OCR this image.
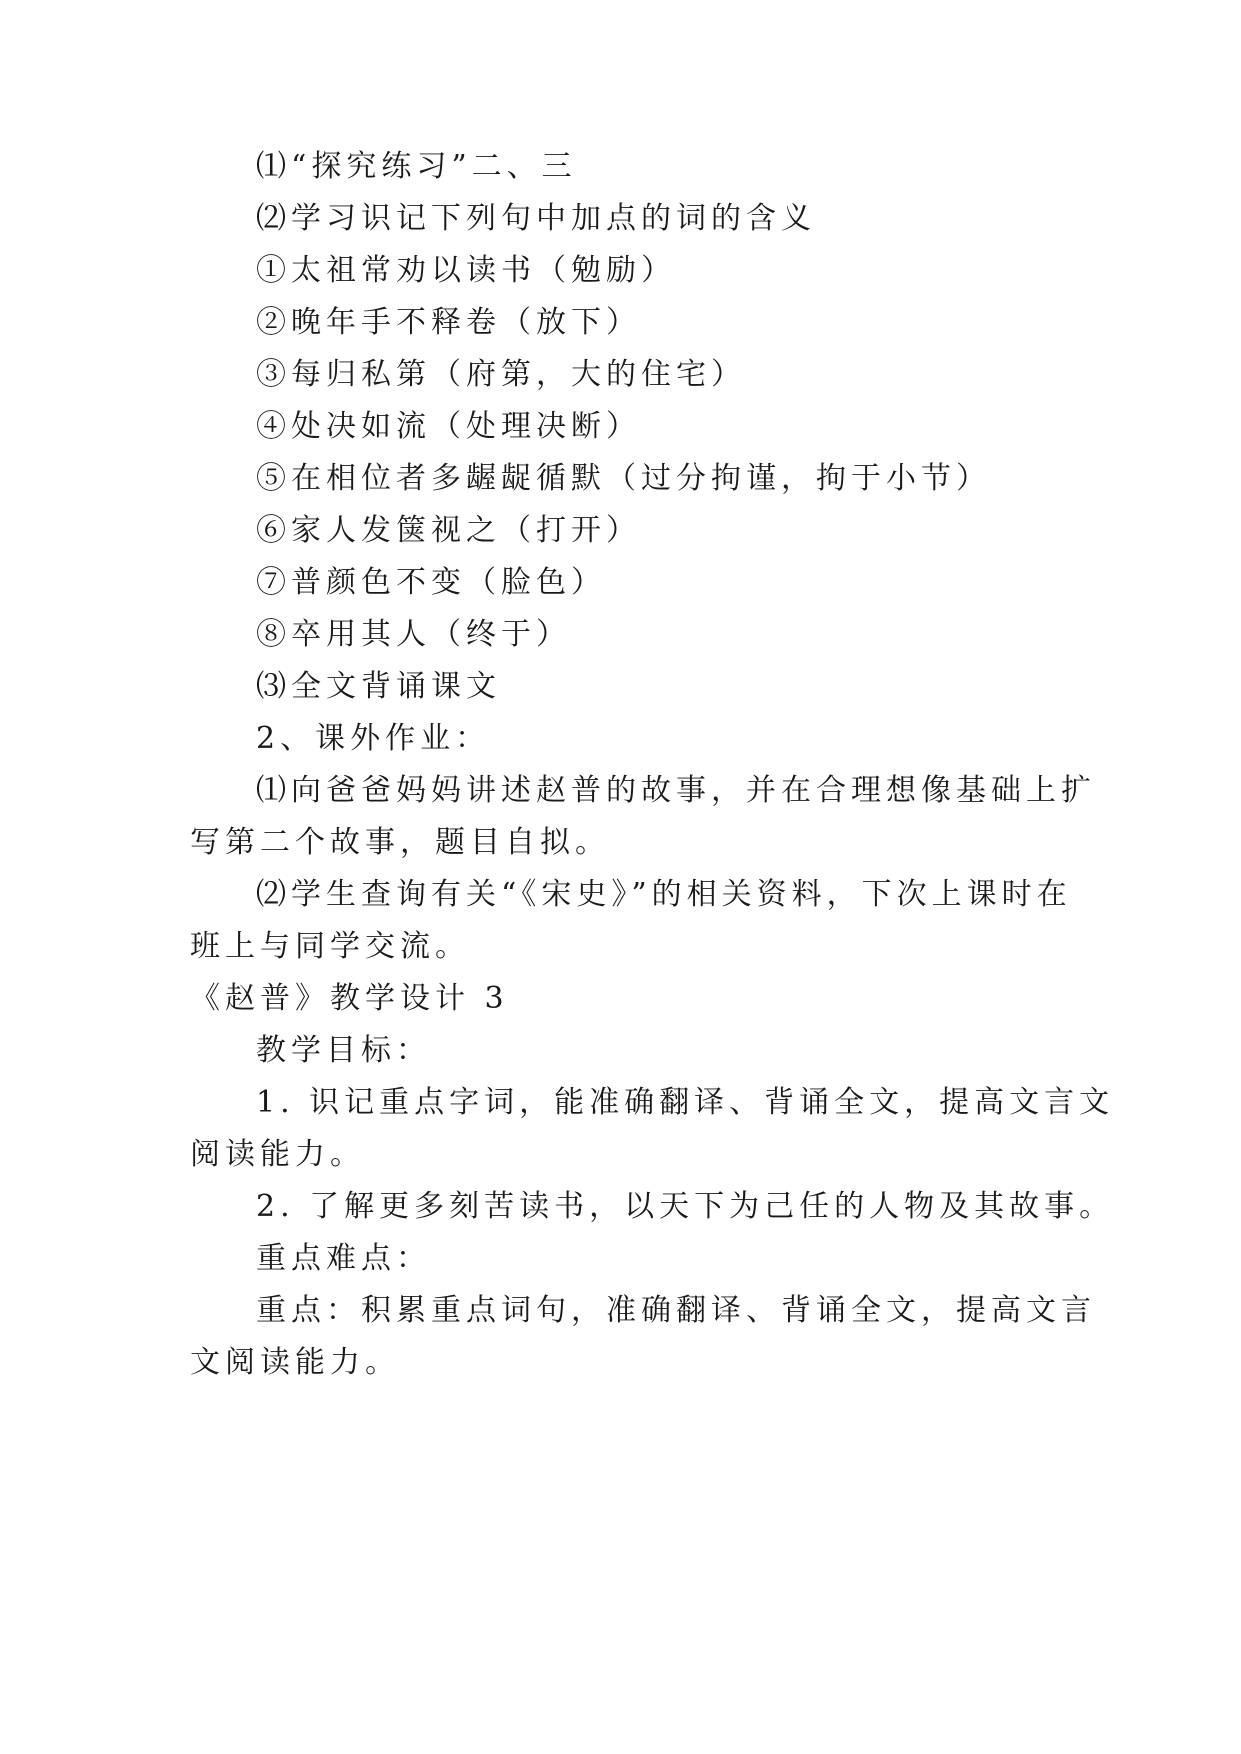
⑴“探究练习”二、三
⑵学习识记下列句中加点的词的含义
①太祖常劝以读书（勉励）
②晚年手不释卷（放下）
③每归私第（府第，大的住宅）
④处决如流（处理决断）
⑤在相位者多龌龊循默（过分拘谨，拘于小节）
⑥家人发箧视之（打开）
⑦普颜色不变（脸色）
⑧卒用其人（终于）
⑶全文背诵课文
2、课外作业：
⑴向爸爸妈妈讲述赵普的故事，并在合理想像基础上扩
写第二个故事，题目自拟。
⑵学生查询有关“《宋史》”的相关资料，下次上课时在
班上与同学交流。
《赵普》教学设计 3
教学目标：
1. 识记重点字词，能准确翻译、背诵全文，提高文言文
阅读能力。
2. 了解更多刻苦读书，以天下为己任的人物及其故事。
重点难点：
重点：积累重点词句，准确翻译、背诵全文，提高文言
文阅读能力。
